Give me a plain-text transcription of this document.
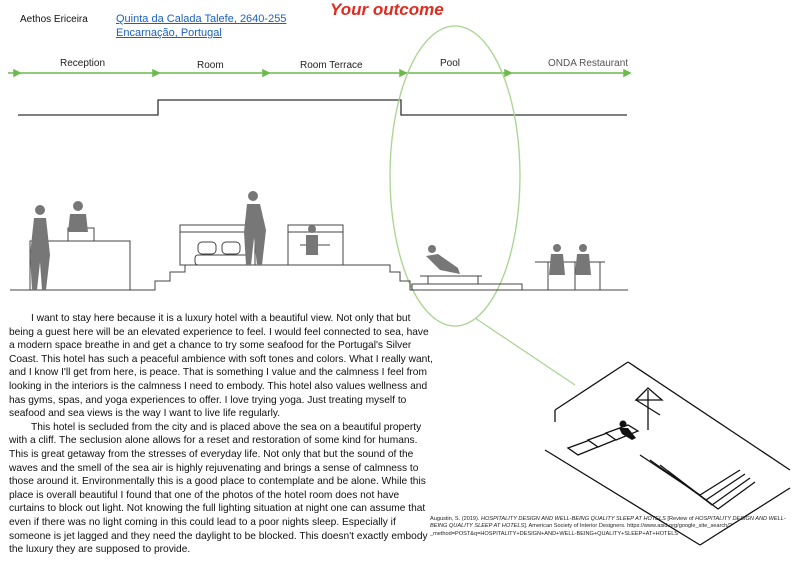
Aethos Ericeira	Quinta da Calada Talefe, 2640-255
Encarnação, Portugal
Your outcome
Reception	Room	Room Terrace	Pool	ONDA Restaurant

I want to stay here because it is a luxury hotel with a beautiful view. Not only that but being a guest here will be an elevated experience to feel. I would feel connected to sea, have a modern space breathe in and get a chance to try some seafood for the Portugal's Silver Coast. This hotel has such a peaceful ambience with soft tones and colors. What I really want, and I know I'll get from here, is peace. That is something I value and the calmness I feel from looking in the interiors is the calmness I need to embody. This hotel also values wellness and has gyms, spas, and yoga experiences to offer. I love trying yoga. Just treating myself to seafood and sea views is the way I want to live life regularly.

This hotel is secluded from the city and is placed above the sea on a beautiful property with a cliff. The seclusion alone allows for a reset and restoration of some kind for humans. This is great getaway from the stresses of everyday life. Not only that but the sound of the waves and the smell of the sea air is highly rejuvenating and brings a sense of calmness to those around it. Environmentally this is a good place to contemplate and be alone. While this place is overall beautiful I found that one of the photos of the hotel room does not have curtains to block out light. Not knowing the full lighting situation at night one can assume that even if there was no light coming in this could lead to a poor nights sleep. Especially if someone is jet lagged and they need the daylight to be blocked. This doesn't exactly embody the luxury they are supposed to provide.

Augustin, S. (2019). HOSPITALITY DESIGN AND WELL-BEING QUALITY SLEEP AT HOTELS [Review of HOSPITALITY DESIGN AND WELL-BEING QUALITY SLEEP AT HOTELS]. American Society of Interior Designers. https://www.asid.org/google_site_search/?_method=POST&q=HOSPITALITY+DESIGN+AND+WELL-BEING+QUALITY+SLEEP+AT+HOTELS
